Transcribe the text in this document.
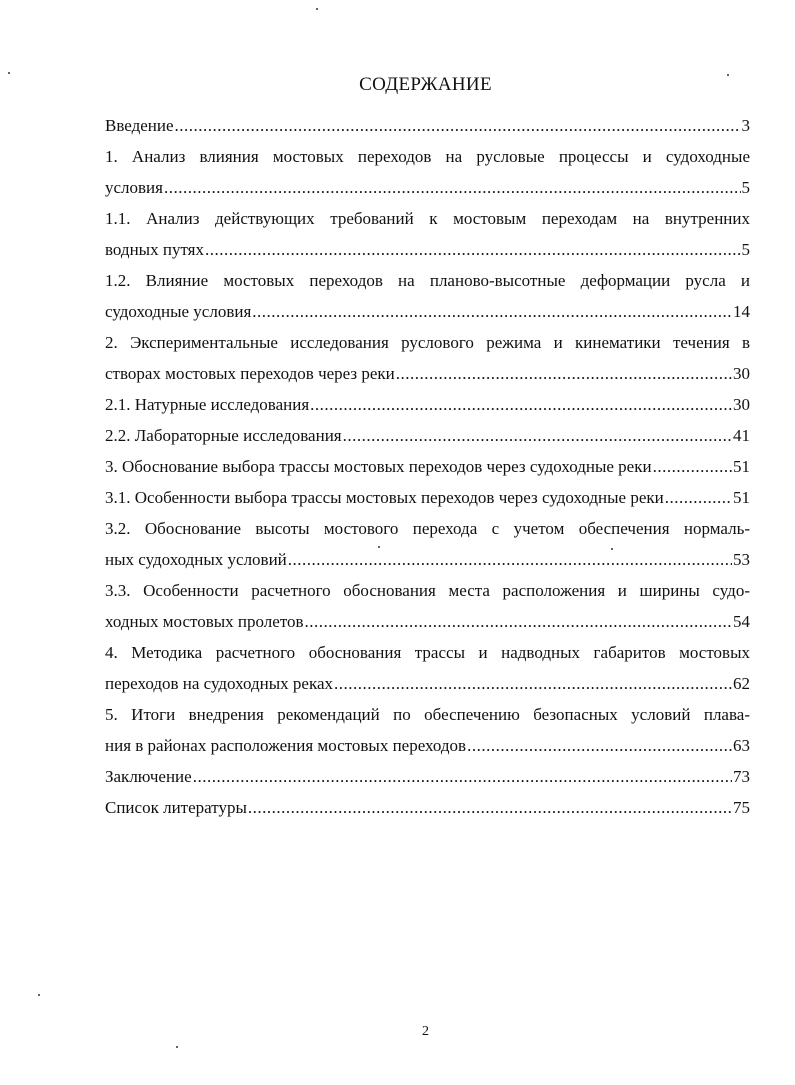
СОДЕРЖАНИЕ
Введение .....	3
1. Анализ влияния мостовых переходов на русловые процессы и судоходные
условия .....	5
1.1. Анализ действующих требований к мостовым переходам на внутренних
водных путях .....	5
1.2. Влияние мостовых переходов на планово-высотные деформации русла и
судоходные условия .....	14
2. Экспериментальные исследования руслового режима и кинематики течения в
створах мостовых переходов через реки .....	30
2.1. Натурные исследования .....	30
2.2. Лабораторные исследования .....	41
3. Обоснование выбора трассы мостовых переходов через судоходные реки .....	51
3.1. Особенности выбора трассы мостовых переходов через судоходные реки .....	51
3.2. Обоснование высоты мостового перехода с учетом обеспечения нормаль-
ных судоходных условий .....	53
3.3. Особенности расчетного обоснования места расположения и ширины судо-
ходных мостовых пролетов .....	54
4. Методика расчетного обоснования трассы и надводных габаритов мостовых
переходов на судоходных реках .....	62
5. Итоги внедрения рекомендаций по обеспечению безопасных условий плава-
ния в районах расположения мостовых переходов .....	63
Заключение .....	73
Список литературы .....	75
2
